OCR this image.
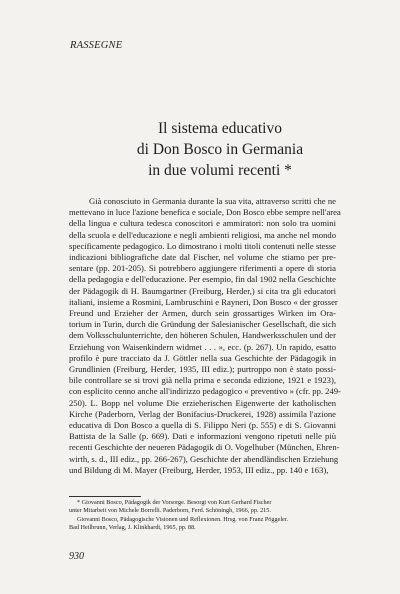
RASSEGNE
Il sistema educativo
di Don Bosco in Germania
in due volumi recenti *

Già conosciuto in Germania durante la sua vita, attraverso scritti che ne
mettevano in luce l'azione benefica e sociale, Don Bosco ebbe sempre nell'area
della lingua e cultura tedesca conoscitori e ammiratori: non solo tra uomini
della scuola e dell'educazione e negli ambienti religiosi, ma anche nel mondo
specificamente pedagogico. Lo dimostrano i molti titoli contenuti nelle stesse
indicazioni bibliografiche date dal Fischer, nel volume che stiamo per pre-
sentare (pp. 201-205). Si potrebbero aggiungere riferimenti a opere di storia
della pedagogia e dell'educazione. Per esempio, fin dal 1902 nella Geschichte
der Pädagogik di H. Baumgartner (Freiburg, Herder,) si cita tra gli educatori
italiani, insieme a Rosmini, Lambruschini e Rayneri, Don Bosco « der grosser
Freund und Erzieher der Armen, durch sein grossartiges Wirken im Ora-
torium in Turin, durch die Gründung der Salesianischer Gesellschaft, die sich
dem Volksschulunterrichte, den höheren Schulen, Handwerksschulen und der
Erziehung von Waisenkindern widmet . . . », ecc. (p. 267). Un rapido, esatto
profilo è pure tracciato da J. Göttler nella sua Geschichte der Pädagogik in
Grundlinien (Freiburg, Herder, 1935, III ediz.); purtroppo non è stato possi-
bile controllare se si trovi già nella prima e seconda edizione, 1921 e 1923),
con esplicito cenno anche all'indirizzo pedagogico « preventivo » (cfr. pp. 249-
250). L. Bopp nel volume Die erzieherischen Eigenwerte der katholischen
Kirche (Paderborn, Verlag der Bonifacius-Druckerei, 1928) assimila l'azione
educativa di Don Bosco a quella di S. Filippo Neri (p. 555) e di S. Giovanni
Battista de la Salle (p. 669). Dati e informazioni vengono ripetuti nelle più
recenti Geschichte der neueren Pädagogik di O. Vogelhuber (München, Ehren-
wirth, s. d., III ediz., pp. 266-267), Geschichte der abendländischen Erziehung
und Bildung di M. Mayer (Freiburg, Herder, 1953, III ediz., pp. 140 e 163),

* Giovanni Bosco, Pädagogik der Vorsorge. Besorgt von Kurt Gerhard Fischer
unter Mitarbeit von Michele Borrelli. Paderborn, Ferd. Schöningh, 1966, pp. 215.
Giovanni Bosco, Pädagogische Visionen und Reflexionen. Hrsg. von Franz Pöggeler.
Bad Heilbrunn, Verlag, J. Klinkhardt, 1965, pp. 88.

930
